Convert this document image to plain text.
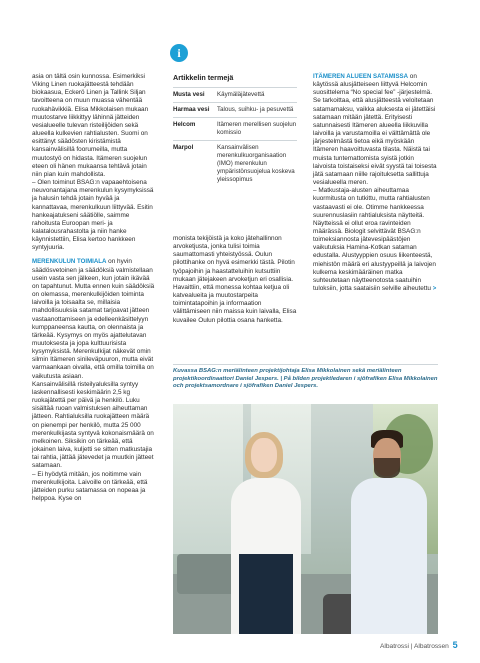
i

asia on tältä osin kunnossa. Esimerkiksi Viking Linen ruokajätteestä tehdään biokaasua, Eckerö Linen ja Tallink Siljan tavoitteena on muun muassa vähentää ruokahävikkiä. Elisa Mikkolaisen mukaan muutostarve liikkittyy lähinnä jätteiden vesialueelle tulevan risteilijöiden sekä alueella kulkevien rahtialusten. Suomi on esittänyt säädösten kiristämistä kansainvälisillä foorumeilla, mutta muutostyö on hidasta. Itämeren suojelun eteen oli hänen mukaansa tehtävä jotain niin pian kuin mahdollista.

– Olen toiminut BSAG:n vapaaehtoisena neuvonantajana merenkulun kysymyksissä ja halusin tehdä jotain hyvää ja kannattavaa, merenkulkuun liittyvää. Esitin hankeajatukseni säätiölle, saimme rahoitusta Euroopan meri- ja kalatalousrahastolta ja niin hanke käynnistettiin, Elisa kertoo hankkeen syntyjuuria.

MERENKULUN TOIMIALA on hyvin säädösvetoinen ja säädöksiä valmistellaan usein vasta sen jälkeen, kun jotain ikävää on tapahtunut. Mutta ennen kuin säädöksiä on olemassa, merenkulkijöiden toiminta laivoilla ja toisaalta se, millaisia mahdollisuuksia satamat tarjoavat jätteen vastaanottamiseen ja edelleenkäsittelyyn kumppaneensa kautta, on olennaista ja tärkeää. Kysymys on myös ajattelutavan muutoksesta ja jopa kulttuurisista kysymyksistä. Merenkulkijat näkevät omin silmin Itämeren sinileväpuuron, mutta eivät varmaankaan oivalla, että omilla toimilla on vaikutusta asiaan.

Kansainvälisillä risteilyaluksilla syntyy laskennallisesti keskimäärin 2,5 kg ruokajätettä per päivä ja henkilö. Luku sisältää ruoan valmistuksen aiheuttaman jätteen. Rahtialuksilla ruokajätteen määrä on pienempi per henkilö, mutta 25 000 merenkulkijasta syntyvä kokonaismäärä on melkoinen. Siksikin on tärkeää, että jokainen laiva, kuljetti se sitten matkustajia tai rahtia, jättää jätevedet ja muutkin jätteet satamaan.

– Ei hyödytä mitään, jos noitimme vain merenkulkijoita. Laivoille on tärkeää, että jätteiden purku satamassa on nopeaa ja helppoa. Kyse on

Artikkelin termejä
Musta vesi	Käymäläjätevettä
Harmaa vesi	Talous, suihku- ja pesuvettä
Helcom	Itämeren merellisen suojelun komissio
Marpol	Kansainvälisen merenkulkuorganisaation (IMO) merenkulun ympäristönsuojelua koskeva yleissopimus

monista tekijöistä ja koko jätehallinnon arvoketjusta, jonka tulisi toimia saumattomasti yhteistyössä. Oulun pilottihanke on hyvä esimerkki tästä. Pilotin työpajoihin ja haastatteluihin kutsuttiin mukaan jätejakeen arvoketjun eri osallisia. Havaittiin, että monessa kohtaa ketjua oli katvealueita ja muutostarpeita toimintatapoihin ja informaation välittämiseen niin maissa kuin laivalla, Elisa kuvailee Oulun pilottia osana hanketta.

ITÄMEREN ALUEEN SATAMISSA on käytössä alusjätteiseen liittyvä Helcomin suosittelema “No special fee” -järjestelmä. Se tarkoittaa, että alusjätteestä veloitetaan satamamaksu, vaikka aluksesta ei jätettäisi satamaan mitään jätettä. Erityisesti satunnaisesti Itämeren alueella liikkuvilla laivoilla ja varustamoilla ei välttämättä ole järjestelmästä tietoa eikä myöskään Itämeren haavoittuvasta tilasta. Näistä tai muista tuntemattomista syistä jotkin laivoista toistaiseksi eivät syystä tai toisesta jätä satamaan niille rajoituksetta sallittuja vesialueella meren.

– Matkustaja-alusten aiheuttamaa kuormitusta on tutkittu, mutta rahtialusten vastaavasti ei ole. Otimme hankkeessa suurennuslasiin rahtialuksista näytteitä. Näytteissä ei ollut eroa ravinteiden määrässä. Biologit selvittävät BSAG:n toimeksiannosta jätevesipäästöjen vaikutuksia Hamina-Kotkan sataman edustalla. Alustyyppien osuus liikenteestä, miehistön määrä eri alustyypeillä ja laivojen kulkema keskimääräinen matka suhteutetaan näytteenotosta saatuihin tuloksiin, jotta saataisiin selville aiheutettu >

Kuvassa BSAG:n meriälinteen projektijohtaja Elisa Mikkolainen sekä meriälinteen projektikoordinaattori Daniel Jespers. | På bilden projektledaren i sjöfrafiken Elisa Mikkolainen och projektsamordnare i sjöfrafiken Daniel Jespers.
Albatrossi | Albatrossen 5
